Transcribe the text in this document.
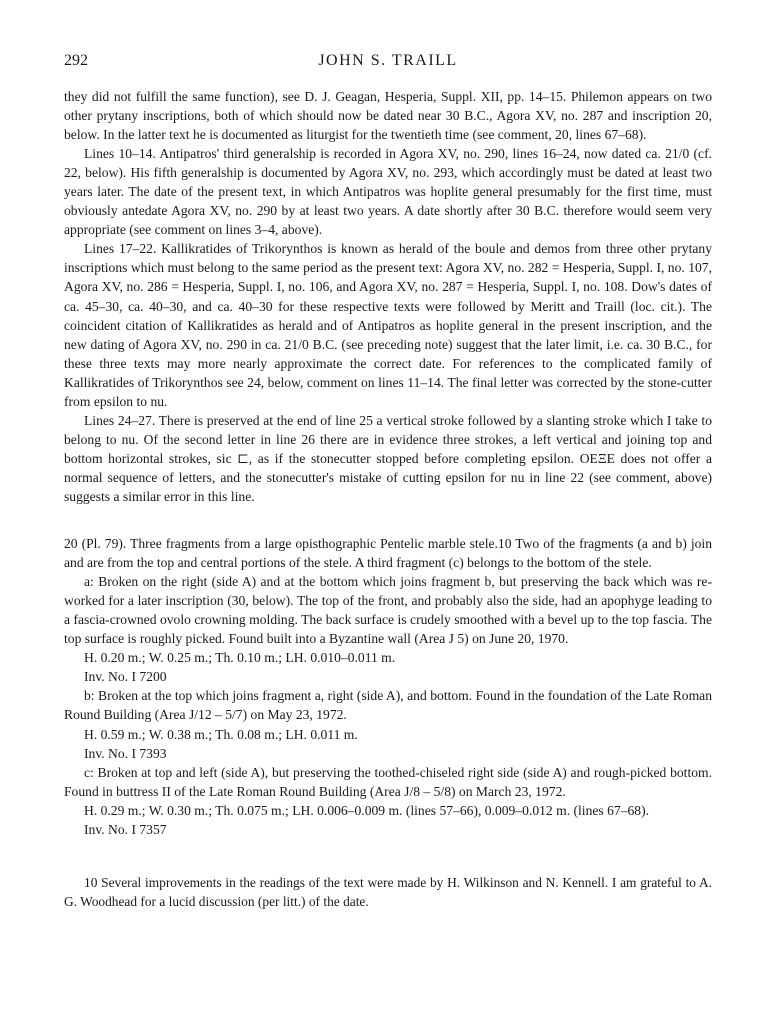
292	JOHN S. TRAILL

they did not fulfill the same function), see D. J. Geagan, Hesperia, Suppl. XII, pp. 14–15. Philemon appears on two other prytany inscriptions, both of which should now be dated near 30 B.C., Agora XV, no. 287 and inscription 20, below. In the latter text he is documented as liturgist for the twentieth time (see comment, 20, lines 67–68).

Lines 10–14. Antipatros' third generalship is recorded in Agora XV, no. 290, lines 16–24, now dated ca. 21/0 (cf. 22, below). His fifth generalship is documented by Agora XV, no. 293, which accordingly must be dated at least two years later. The date of the present text, in which Antipatros was hoplite general presumably for the first time, must obviously antedate Agora XV, no. 290 by at least two years. A date shortly after 30 B.C. therefore would seem very appropriate (see comment on lines 3–4, above).

Lines 17–22. Kallikratides of Trikorynthos is known as herald of the boule and demos from three other prytany inscriptions which must belong to the same period as the present text: Agora XV, no. 282 = Hesperia, Suppl. I, no. 107, Agora XV, no. 286 = Hesperia, Suppl. I, no. 106, and Agora XV, no. 287 = Hesperia, Suppl. I, no. 108. Dow's dates of ca. 45–30, ca. 40–30, and ca. 40–30 for these respective texts were followed by Meritt and Traill (loc. cit.). The coincident citation of Kallikratides as herald and of Antipatros as hoplite general in the present inscription, and the new dating of Agora XV, no. 290 in ca. 21/0 B.C. (see preceding note) suggest that the later limit, i.e. ca. 30 B.C., for these three texts may more nearly approximate the correct date. For references to the complicated family of Kallikratides of Trikorynthos see 24, below, comment on lines 11–14. The final letter was corrected by the stone-cutter from epsilon to nu.

Lines 24–27. There is preserved at the end of line 25 a vertical stroke followed by a slanting stroke which I take to belong to nu. Of the second letter in line 26 there are in evidence three strokes, a left vertical and joining top and bottom horizontal strokes, sic ⊏, as if the stonecutter stopped before completing epsilon. ΟΕΞΕ does not offer a normal sequence of letters, and the stonecutter's mistake of cutting epsilon for nu in line 22 (see comment, above) suggests a similar error in this line.

20 (Pl. 79). Three fragments from a large opisthographic Pentelic marble stele.10 Two of the fragments (a and b) join and are from the top and central portions of the stele. A third fragment (c) belongs to the bottom of the stele.

a: Broken on the right (side A) and at the bottom which joins fragment b, but preserving the back which was re-worked for a later inscription (30, below). The top of the front, and probably also the side, had an apophyge leading to a fascia-crowned ovolo crowning molding. The back surface is crudely smoothed with a bevel up to the top fascia. The top surface is roughly picked. Found built into a Byzantine wall (Area J 5) on June 20, 1970.

H. 0.20 m.; W. 0.25 m.; Th. 0.10 m.; LH. 0.010–0.011 m.

Inv. No. I 7200

b: Broken at the top which joins fragment a, right (side A), and bottom. Found in the foundation of the Late Roman Round Building (Area J/12 – 5/7) on May 23, 1972.

H. 0.59 m.; W. 0.38 m.; Th. 0.08 m.; LH. 0.011 m.

Inv. No. I 7393

c: Broken at top and left (side A), but preserving the toothed-chiseled right side (side A) and rough-picked bottom. Found in buttress II of the Late Roman Round Building (Area J/8 – 5/8) on March 23, 1972.

H. 0.29 m.; W. 0.30 m.; Th. 0.075 m.; LH. 0.006–0.009 m. (lines 57–66), 0.009–0.012 m. (lines 67–68).

Inv. No. I 7357

10 Several improvements in the readings of the text were made by H. Wilkinson and N. Kennell. I am grateful to A. G. Woodhead for a lucid discussion (per litt.) of the date.
